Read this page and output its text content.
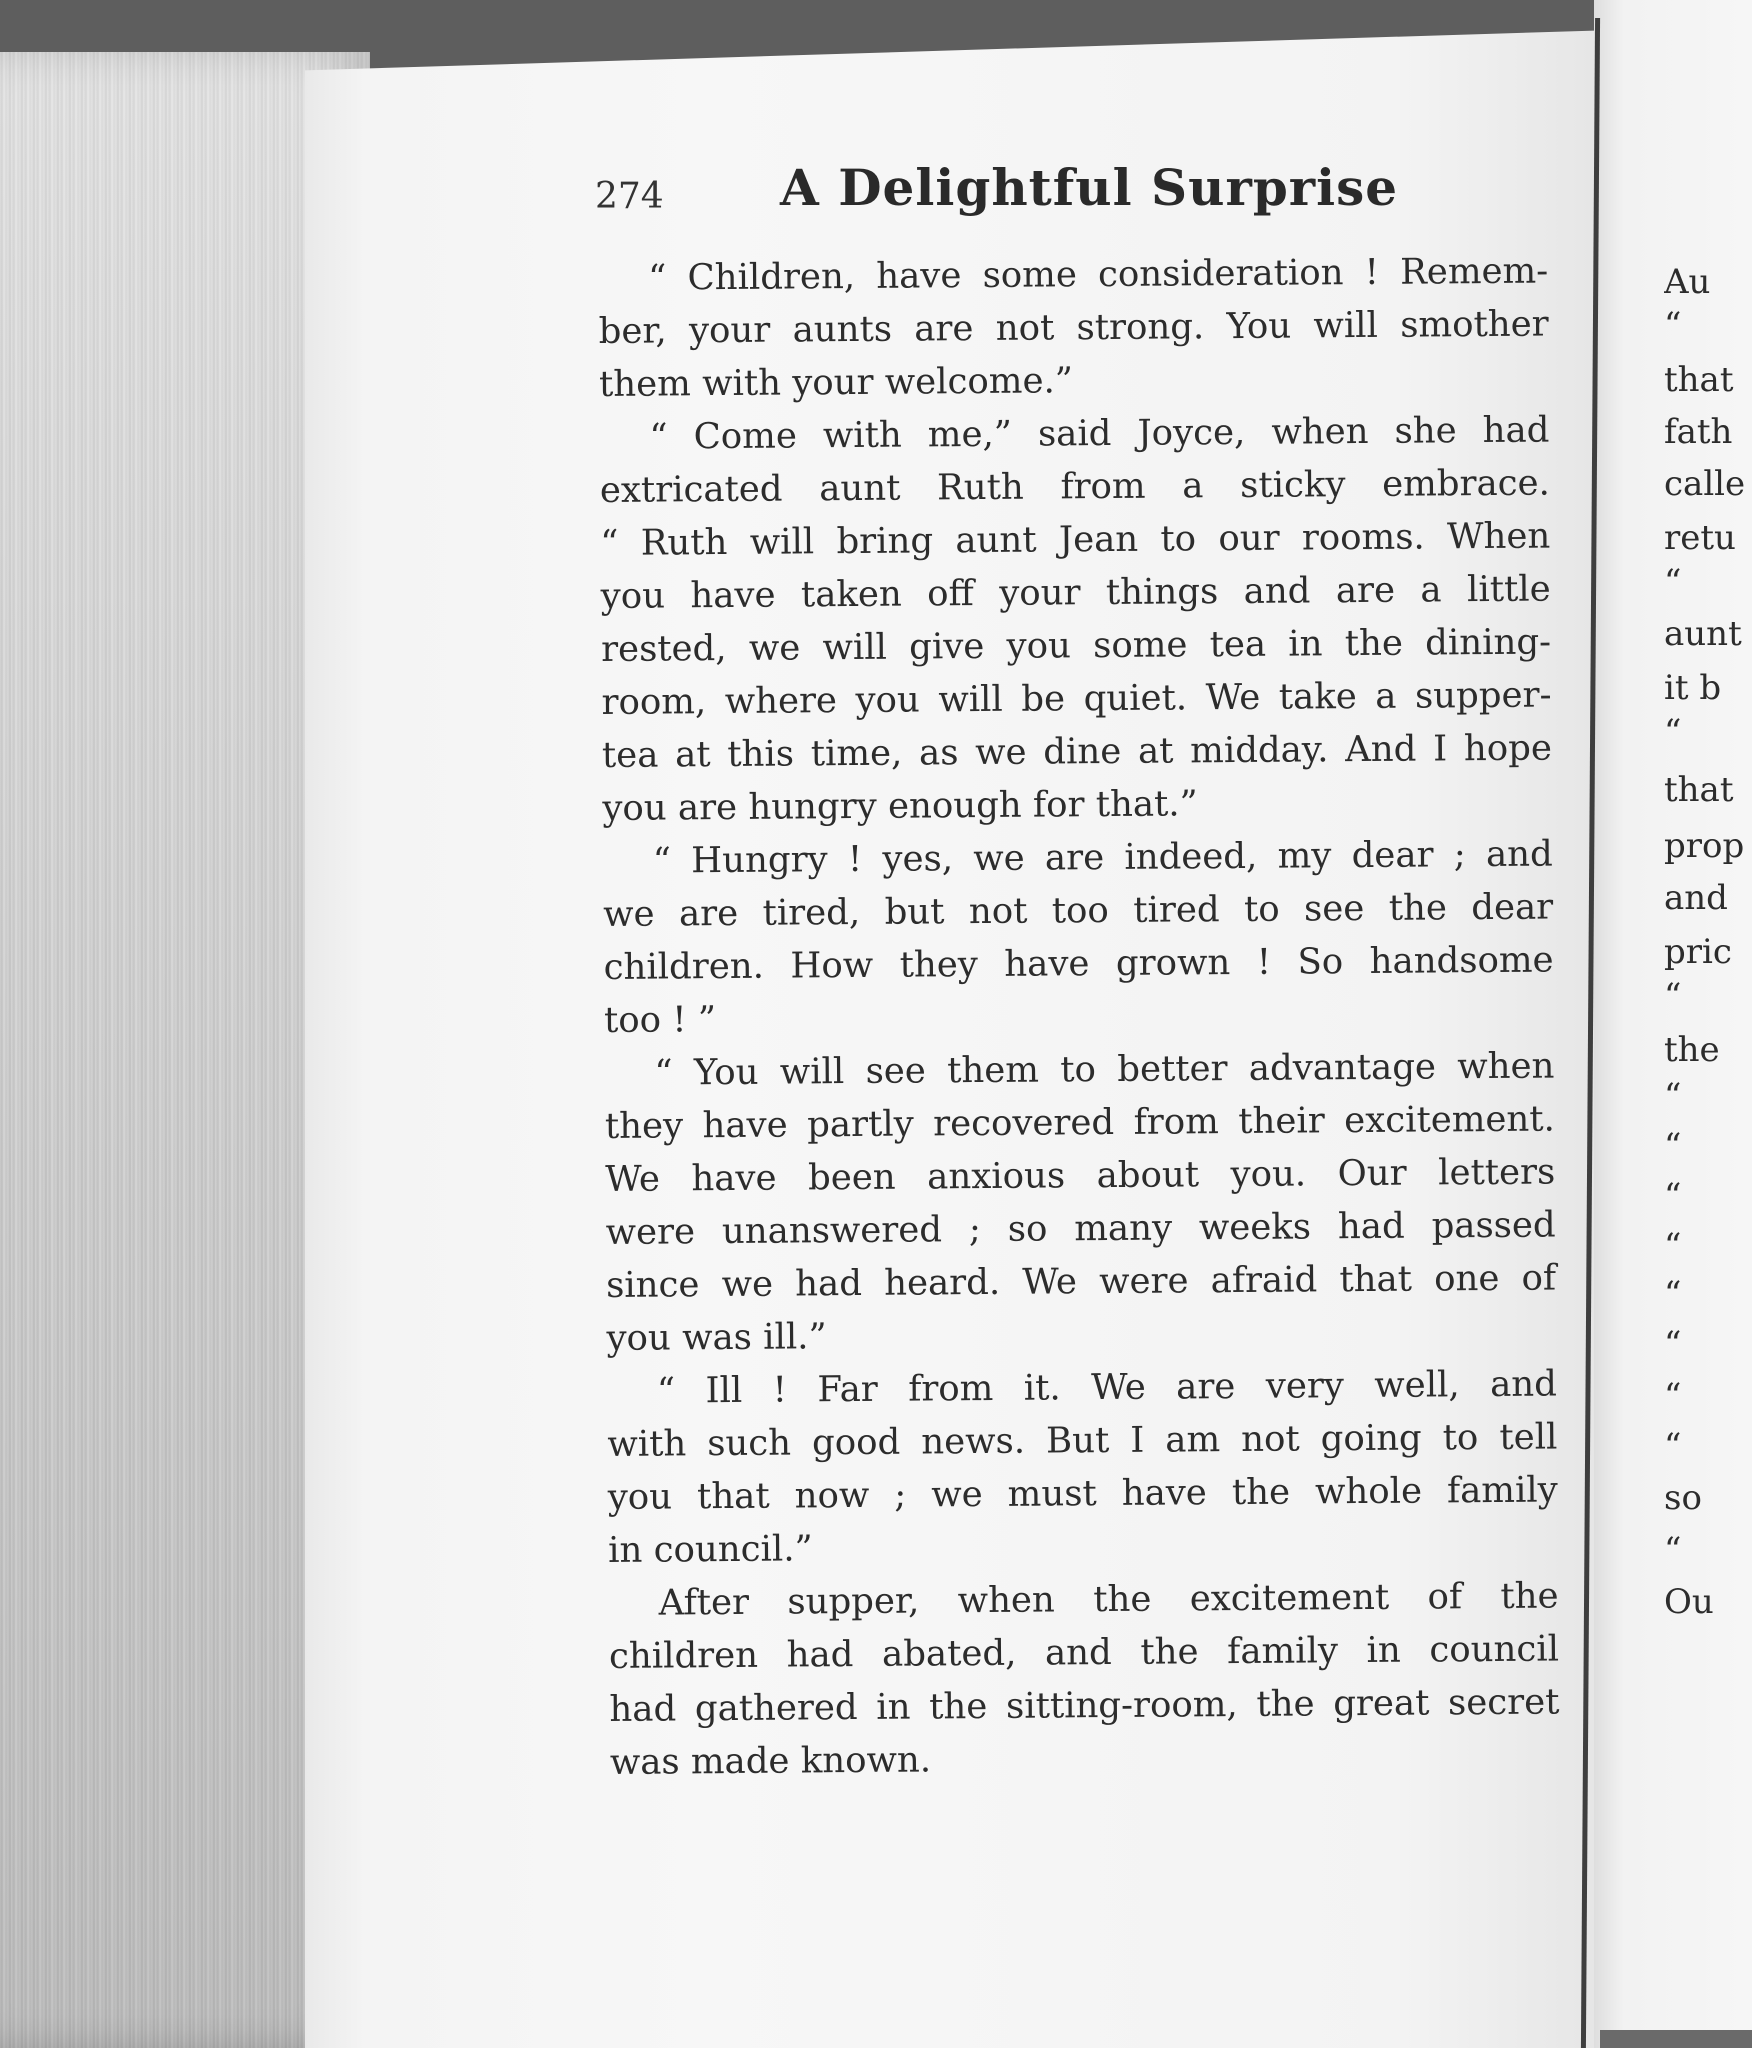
274 A Delightful Surprise
“ Children, have some consideration ! Remem-
ber, your aunts are not strong. You will smother
them with your welcome.”
“ Come with me,” said Joyce, when she had
extricated aunt Ruth from a sticky embrace.
“ Ruth will bring aunt Jean to our rooms. When
you have taken off your things and are a little
rested, we will give you some tea in the dining-
room, where you will be quiet. We take a supper-
tea at this time, as we dine at midday. And I hope
you are hungry enough for that.”
“ Hungry ! yes, we are indeed, my dear ; and
we are tired, but not too tired to see the dear
children. How they have grown ! So handsome
too ! ”
“ You will see them to better advantage when
they have partly recovered from their excitement.
We have been anxious about you. Our letters
were unanswered ; so many weeks had passed
since we had heard. We were afraid that one of
you was ill.”
“ Ill ! Far from it. We are very well, and
with such good news. But I am not going to tell
you that now ; we must have the whole family
in council.”
After supper, when the excitement of the
children had abated, and the family in council
had gathered in the sitting-room, the great secret
was made known.
Au
“
that
fath
calle
retu
“
aunt
it b
“
that
prop
and
pric
“
the
“
“
“
“
“
“
“
“
so
“
Ou
